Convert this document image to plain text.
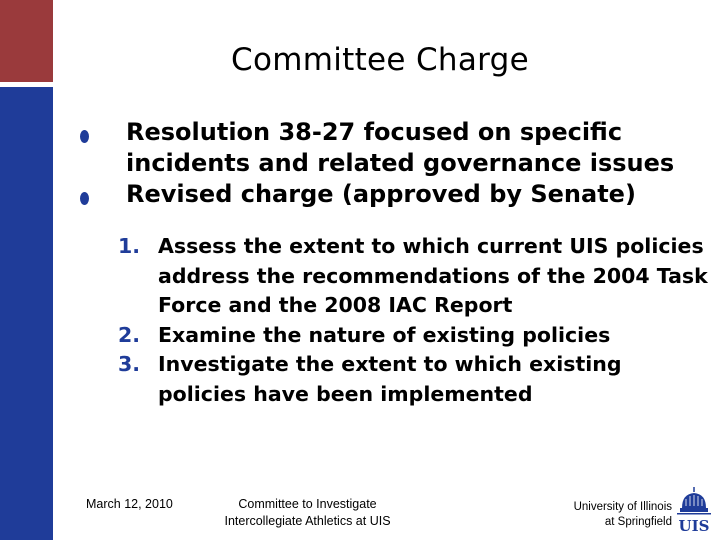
Committee Charge
Resolution 38-27 focused on specific incidents and related governance issues
Revised charge (approved by Senate)
1. Assess the extent to which current UIS policies address the recommendations of the 2004 Task Force and the 2008 IAC Report
2. Examine the nature of existing policies
3. Investigate the extent to which existing policies have been implemented
March 12, 2010	Committee to Investigate
Intercollegiate Athletics at UIS
University of Illinois
at Springfield UIS
